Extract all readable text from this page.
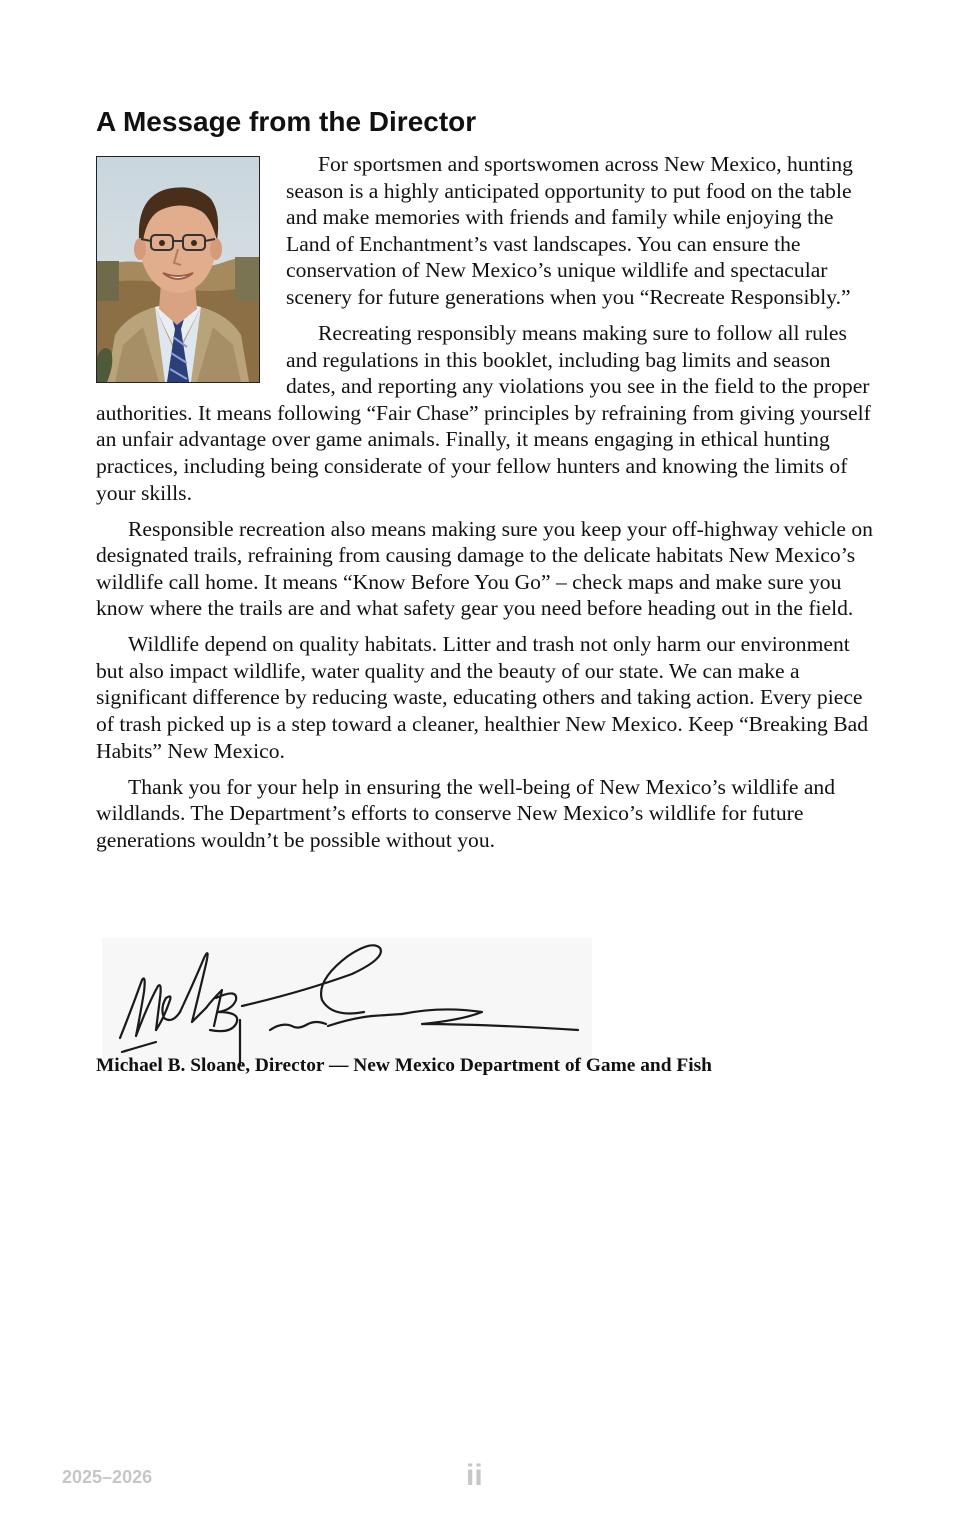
A Message from the Director

For sportsmen and sportswomen across New Mexico, hunting season is a highly anticipated opportunity to put food on the table and make memories with friends and family while enjoying the Land of Enchantment’s vast landscapes. You can ensure the conservation of New Mexico’s unique wildlife and spectacular scenery for future generations when you “Recreate Responsibly.”

Recreating responsibly means making sure to follow all rules and regulations in this booklet, including bag limits and season dates, and reporting any violations you see in the field to the proper authorities. It means following “Fair Chase” principles by refraining from giving yourself an unfair advantage over game animals. Finally, it means engaging in ethical hunting practices, including being considerate of your fellow hunters and knowing the limits of your skills.

Responsible recreation also means making sure you keep your off-highway vehicle on designated trails, refraining from causing damage to the delicate habitats New Mexico’s wildlife call home. It means “Know Before You Go” – check maps and make sure you know where the trails are and what safety gear you need before heading out in the field.

Wildlife depend on quality habitats. Litter and trash not only harm our environment but also impact wildlife, water quality and the beauty of our state. We can make a significant difference by reducing waste, educating others and taking action. Every piece of trash picked up is a step toward a cleaner, healthier New Mexico. Keep “Breaking Bad Habits” New Mexico.

Thank you for your help in ensuring the well-being of New Mexico’s wildlife and wildlands. The Department’s efforts to conserve New Mexico’s wildlife for future generations wouldn’t be possible without you.

Michael B. Sloane, Director — New Mexico Department of Game and Fish

2025–2026	ii
